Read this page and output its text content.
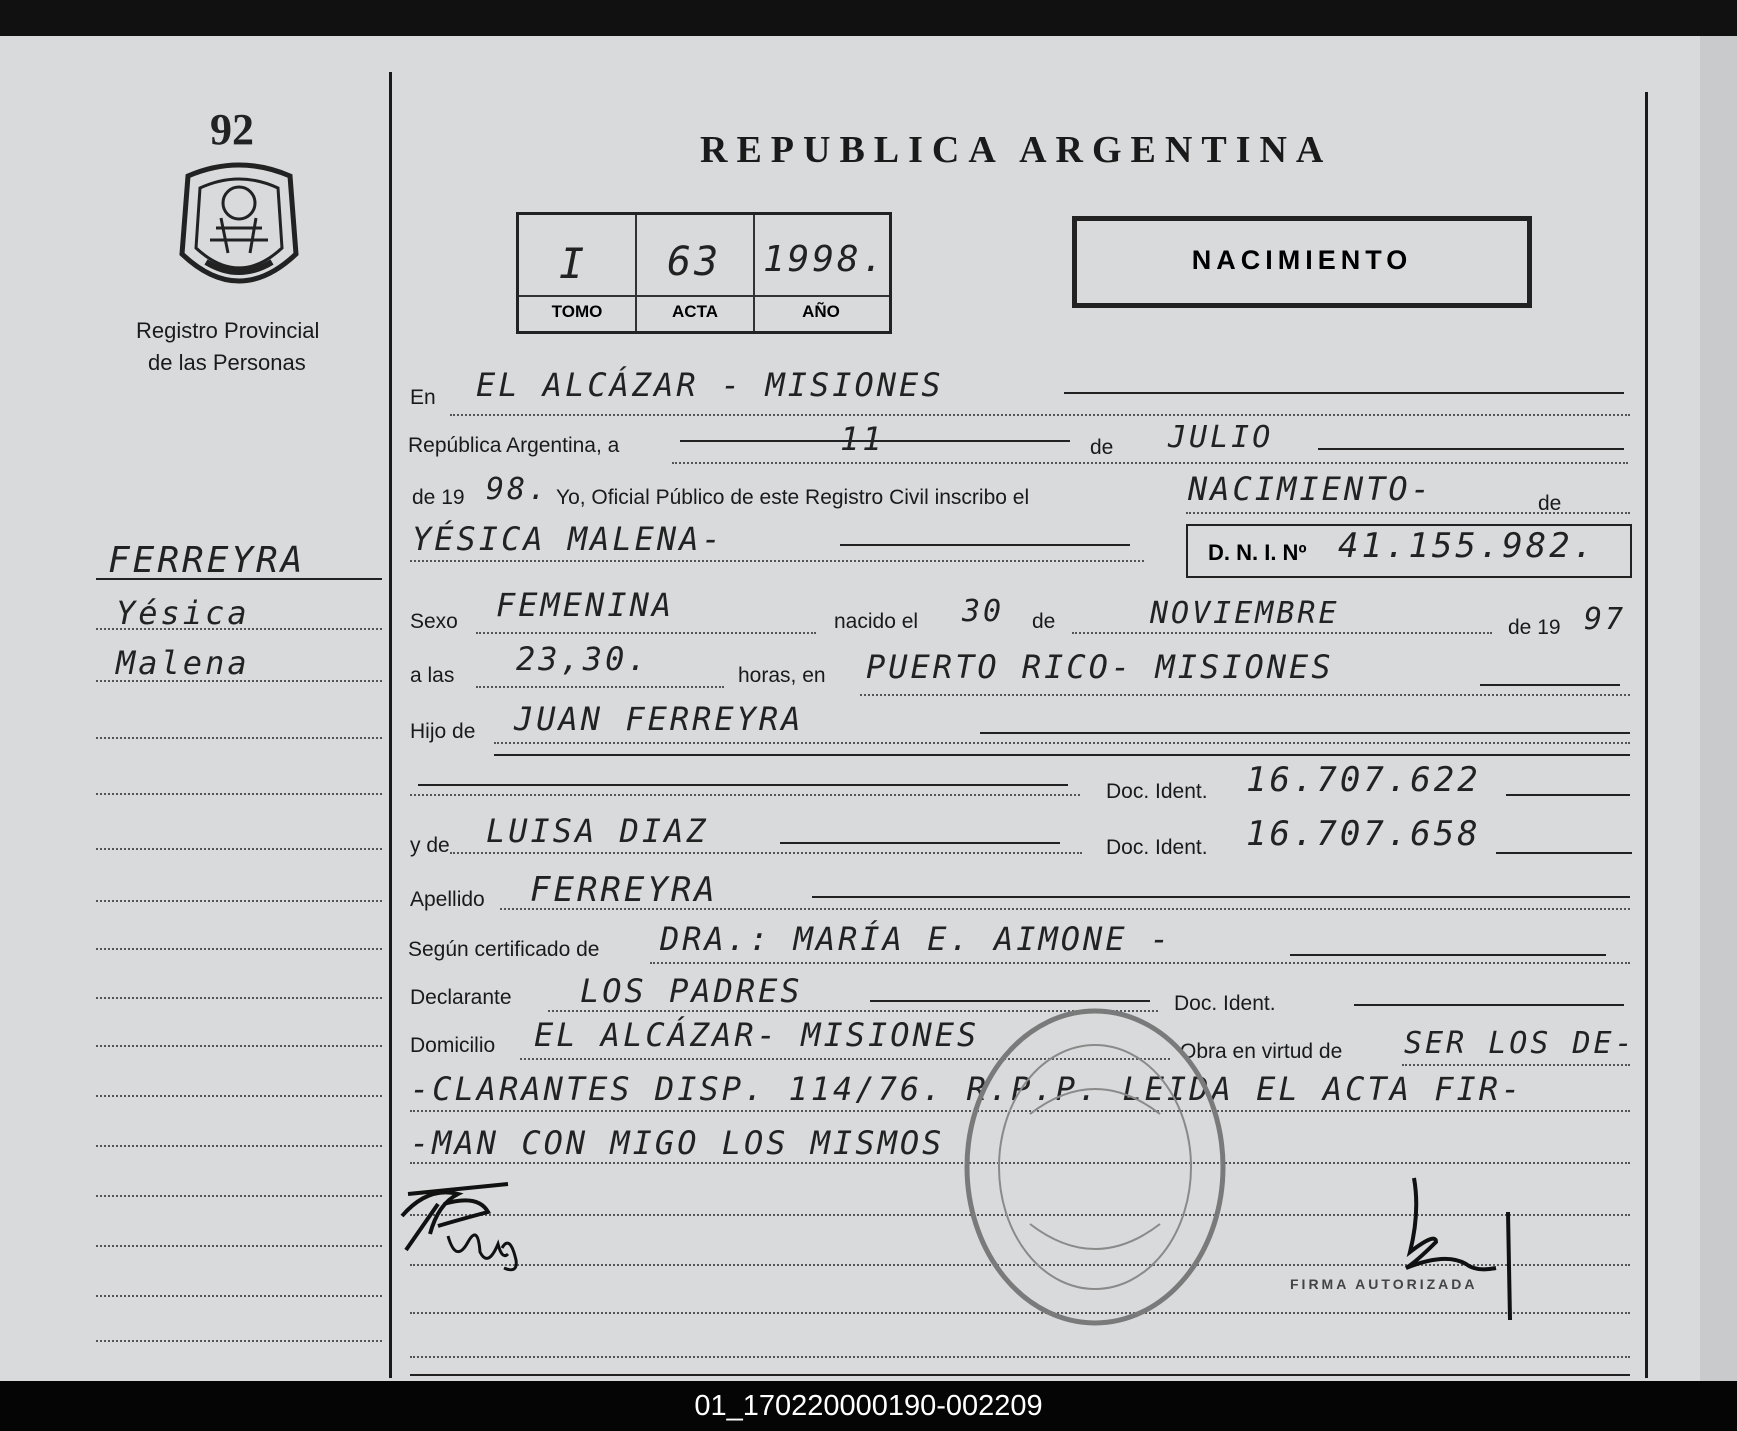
92
Registro Provincial
de las Personas
FERREYRA
Yésica
Malena
REPUBLICA ARGENTINA
I 63 1998.
TOMO	ACTA	AÑO
NACIMIENTO
En EL ALCÁZAR - MISIONES
República Argentina, a	11	de JULIO
de 19 98. Yo, Oficial Público de este Registro Civil inscribo el	NACIMIENTO-	de
YÉSICA MALENA-	D. N. I. Nº 41.155.982.
Sexo FEMENINA	nacido el 30 de	NOVIEMBRE	de 19 97
a las 23,30.	horas, en PUERTO RICO- MISIONES
Hijo de JUAN FERREYRA
Doc. Ident. 16.707.622
y de LUISA DIAZ	Doc. Ident. 16.707.658
Apellido FERREYRA
Según certificado de DRA.: MARÍA E. AIMONE -
Declarante LOS PADRES	Doc. Ident.
Domicilio EL ALCÁZAR- MISIONES	Obra en virtud de SER LOS DE-
-CLARANTES DISP. 114/76. R.P.P. LEIDA EL ACTA FIR-
-MAN CON MIGO LOS MISMOS
FIRMA AUTORIZADA
01_170220000190-002209
